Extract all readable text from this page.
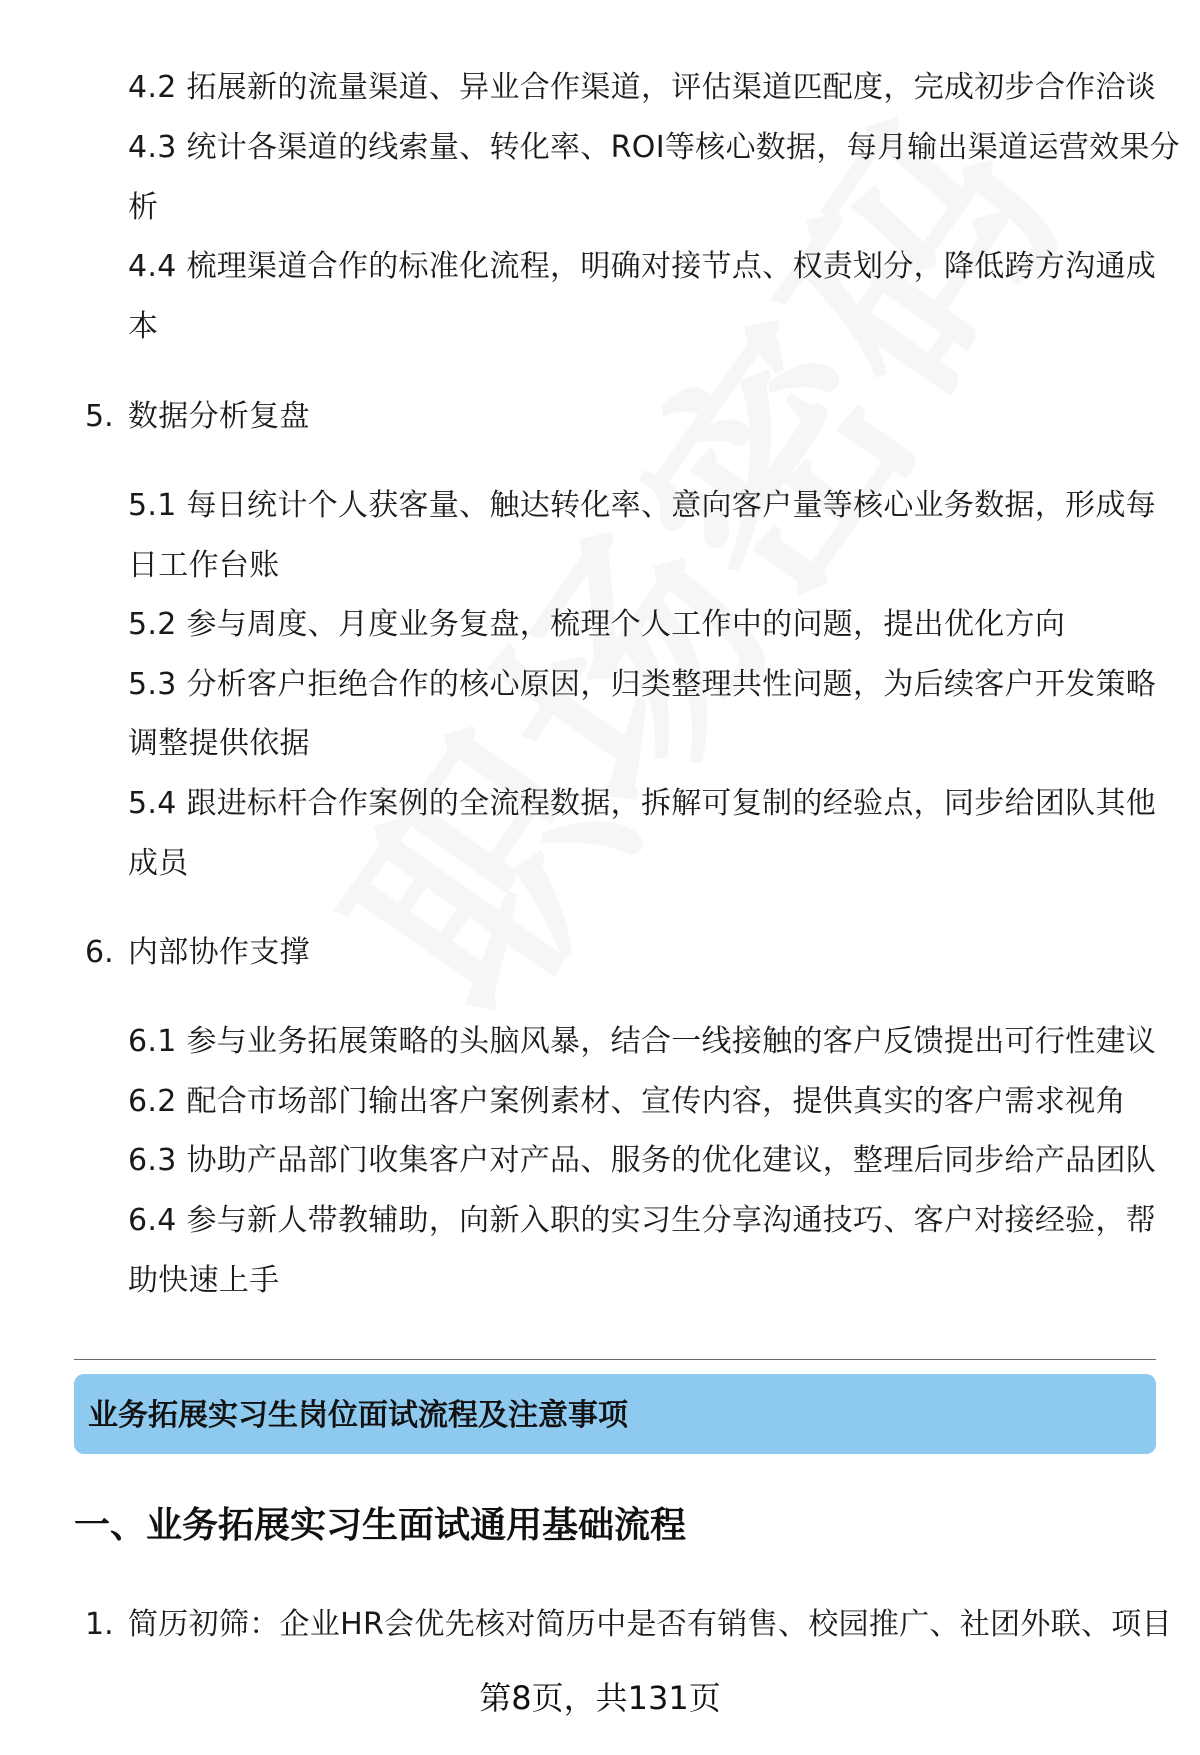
4.2 拓展新的流量渠道、异业合作渠道，评估渠道匹配度，完成初步合作洽谈
4.3 统计各渠道的线索量、转化率、ROI等核心数据，每月输出渠道运营效果分
析
4.4 梳理渠道合作的标准化流程，明确对接节点、权责划分，降低跨方沟通成
本
5. 数据分析复盘
5.1 每日统计个人获客量、触达转化率、意向客户量等核心业务数据，形成每
日工作台账
5.2 参与周度、月度业务复盘，梳理个人工作中的问题，提出优化方向
5.3 分析客户拒绝合作的核心原因，归类整理共性问题，为后续客户开发策略
调整提供依据
5.4 跟进标杆合作案例的全流程数据，拆解可复制的经验点，同步给团队其他
成员
6. 内部协作支撑
6.1 参与业务拓展策略的头脑风暴，结合一线接触的客户反馈提出可行性建议
6.2 配合市场部门输出客户案例素材、宣传内容，提供真实的客户需求视角
6.3 协助产品部门收集客户对产品、服务的优化建议，整理后同步给产品团队
6.4 参与新人带教辅助，向新入职的实习生分享沟通技巧、客户对接经验，帮
助快速上手
业务拓展实习生岗位面试流程及注意事项
一、业务拓展实习生面试通用基础流程
1. 简历初筛：企业HR会优先核对简历中是否有销售、校园推广、社团外联、项目
第8页，共131页
